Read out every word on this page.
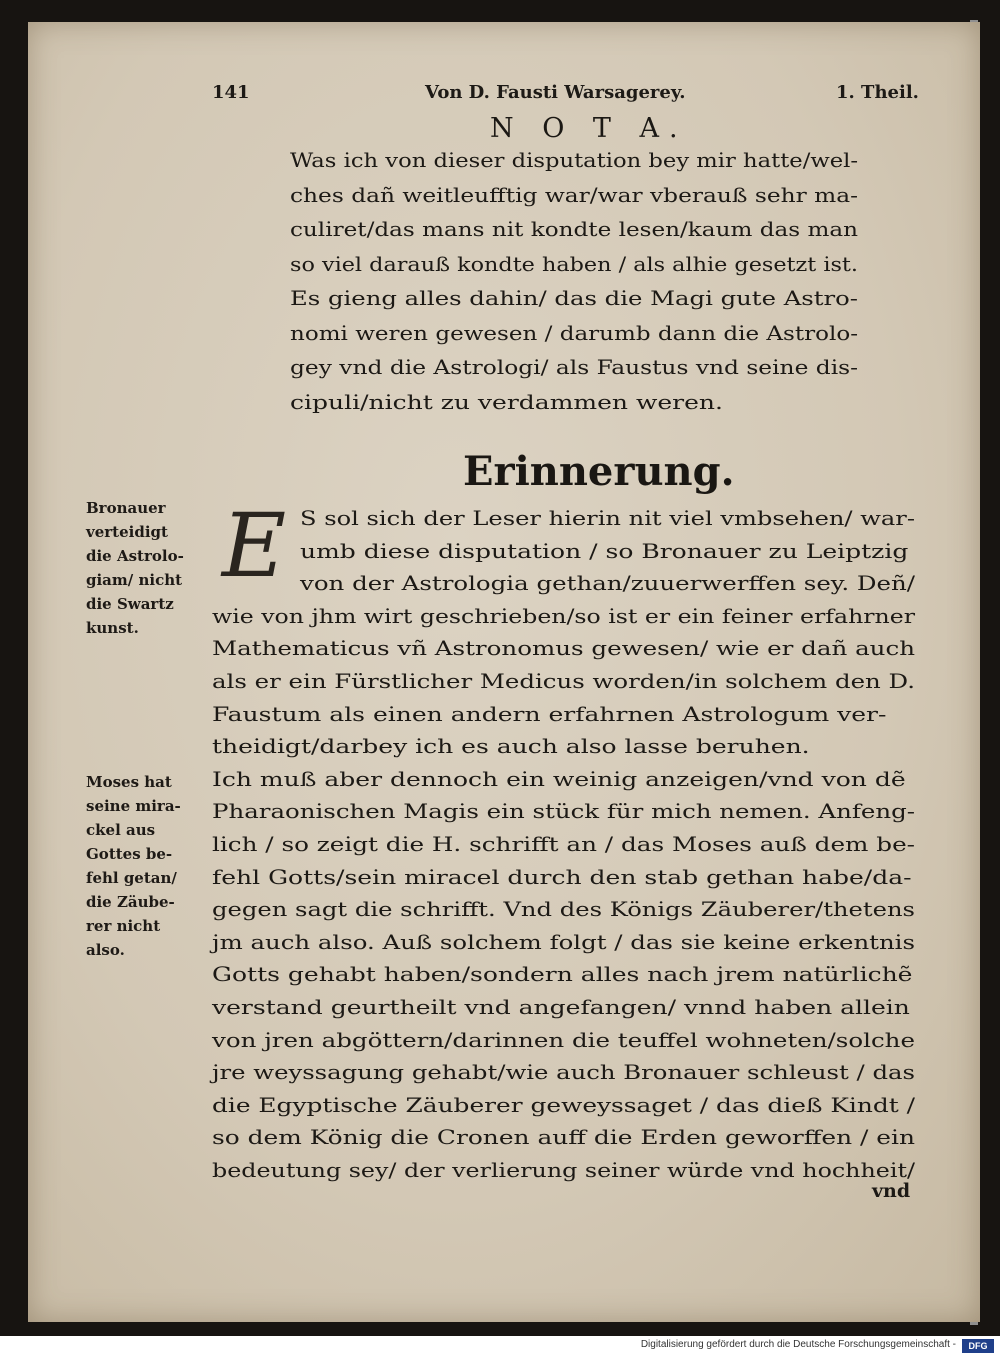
141	Von D. Fausti Warsagerey.	1. Theil.
N O T A.
Was ich von dieser disputation bey mir hatte/wel-
ches dañ weitleufftig war/war vberauß sehr ma-
culiret/das mans nit kondte lesen/kaum das man
so viel darauß kondte haben / als alhie gesetzt ist.
Es gieng alles dahin/ das die Magi gute Astro-
nomi weren gewesen / darumb dann die Astrolo-
gey vnd die Astrologi/ als Faustus vnd seine dis-
cipuli/nicht zu verdammen weren.
Erinnerung.
E S sol sich der Leser hierin nit viel vmbsehen/ war-
umb diese disputation / so Bronauer zu Leiptzig
von der Astrologia gethan/zuuerwerffen sey. Deñ/
wie von jhm wirt geschrieben/so ist er ein feiner erfahrner
Mathematicus vñ Astronomus gewesen/ wie er dañ auch
als er ein Fürstlicher Medicus worden/in solchem den D.
Faustum als einen andern erfahrnen Astrologum ver-
theidigt/darbey ich es auch also lasse beruhen.
Ich muß aber dennoch ein weinig anzeigen/vnd von dẽ
Pharaonischen Magis ein stück für mich nemen. Anfeng-
lich / so zeigt die H. schrifft an / das Moses auß dem be-
fehl Gotts/sein miracel durch den stab gethan habe/da-
gegen sagt die schrifft. Vnd des Königs Zäuberer/thetens
jm auch also. Auß solchem folgt / das sie keine erkentnis
Gotts gehabt haben/sondern alles nach jrem natürlichẽ
verstand geurtheilt vnd angefangen/ vnnd haben allein
von jren abgöttern/darinnen die teuffel wohneten/solche
jre weyssagung gehabt/wie auch Bronauer schleust / das
die Egyptische Zäuberer geweyssaget / das dieß Kindt /
so dem König die Cronen auff die Erden geworffen / ein
bedeutung sey/ der verlierung seiner würde vnd hochheit/
Bronauer
verteidigt
die Astrolo-
giam/ nicht
die Swartz
kunst.
Moses hat
seine mira-
ckel aus
Gottes be-
fehl getan/
die Zäube-
rer nicht
also.
vnd
Digitalisierung gefördert durch die Deutsche Forschungsgemeinschaft -	DFG
